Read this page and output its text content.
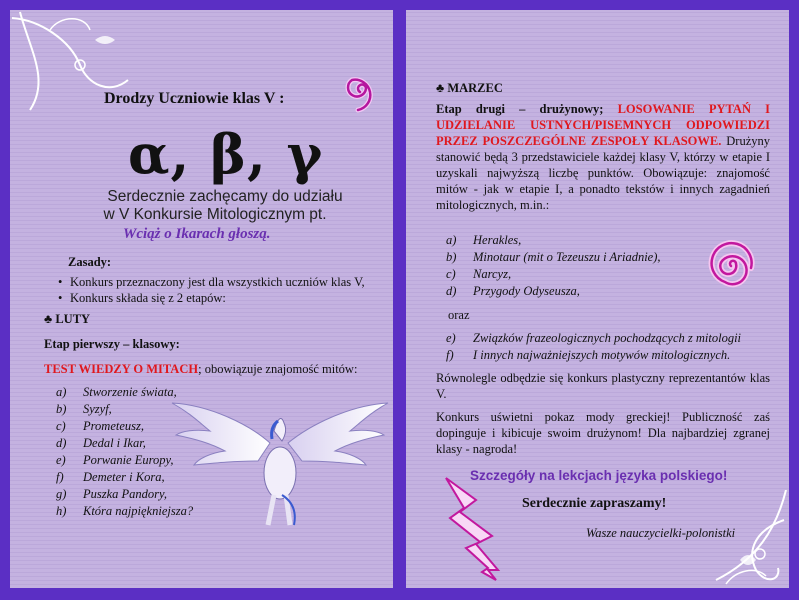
Drodzy Uczniowie klas V :
α, β, γ
Serdecznie zachęcamy do udziału
w V Konkursie Mitologicznym pt.
Wciąż o Ikarach głoszą.
Zasady:
• Konkurs przeznaczony jest dla wszystkich uczniów klas V,
• Konkurs składa się z 2 etapów:
♣ LUTY
Etap pierwszy – klasowy:
TEST WIEDZY O MITACH; obowiązuje znajomość mitów:
a) Stworzenie świata,
b) Syzyf,
c) Prometeusz,
d) Dedal i Ikar,
e) Porwanie Europy,
f) Demeter i Kora,
g) Puszka Pandory,
h) Która najpiękniejsza?
♣ MARZEC
Etap drugi – drużynowy; LOSOWANIE PYTAŃ I UDZIELANIE USTNYCH/PISEMNYCH ODPOWIEDZI PRZEZ POSZCZEGÓLNE ZESPOŁY KLASOWE. Drużyny stanowić będą 3 przedstawiciele każdej klasy V, którzy w etapie I uzyskali najwyższą liczbę punktów. Obowiązuje: znajomość mitów - jak w etapie I, a ponadto tekstów i innych zagadnień mitologicznych, m.in.:
a) Herakles,
b) Minotaur (mit o Tezeuszu i Ariadnie),
c) Narcyz,
d) Przygody Odyseusza,
oraz
e) Związków frazeologicznych pochodzących z mitologii
f) I innych najważniejszych motywów mitologicznych.
Równolegle odbędzie się konkurs plastyczny reprezentantów klas V.
Konkurs uświetni pokaz mody greckiej! Publiczność zaś dopinguje i kibicuje swoim drużynom! Dla najbardziej zgranej klasy - nagroda!
Szczegóły na lekcjach języka polskiego!
Serdecznie zapraszamy!
Wasze nauczycielki-polonistki
